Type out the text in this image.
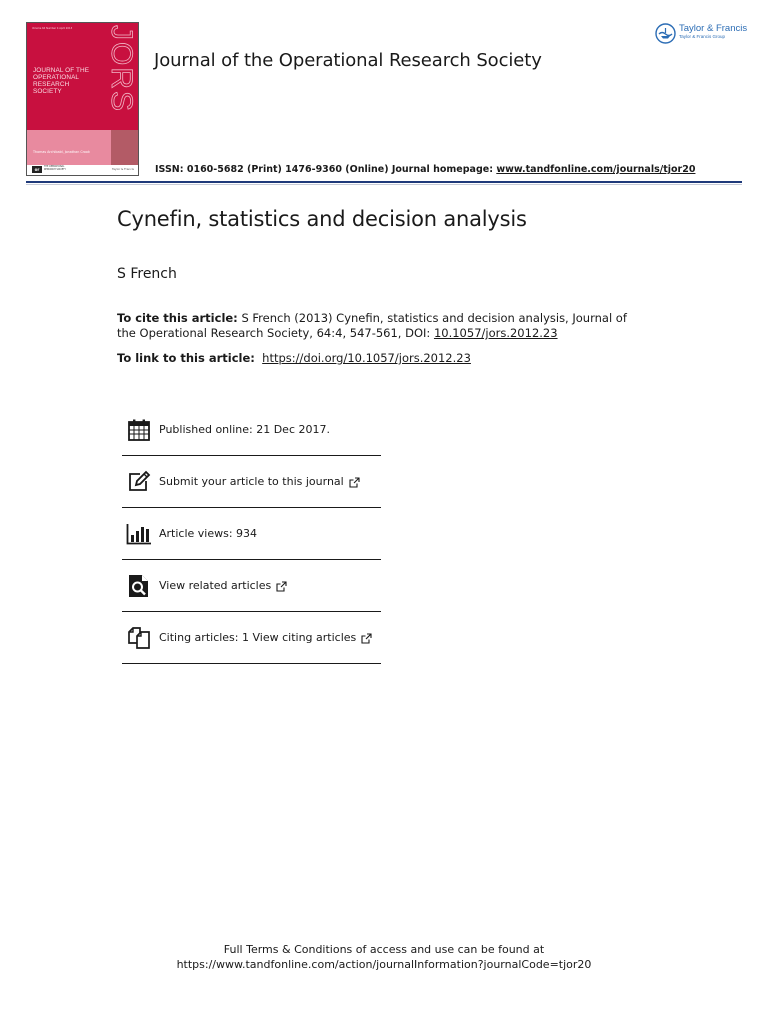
Volume 64 Number 4 April 2013	JORS
JOURNAL OF THE
OPERATIONAL
RESEARCH
SOCIETY
Thomas Archibald, Jonathan Crook
or
THE OPERATIONAL RESEARCH SOCIETY	Taylor & Francis
Journal of the Operational Research Society
Taylor & Francis
Taylor & Francis Group
ISSN: 0160-5682 (Print) 1476-9360 (Online) Journal homepage: www.tandfonline.com/journals/tjor20
Cynefin, statistics and decision analysis
S French
To cite this article: S French (2013) Cynefin, statistics and decision analysis, Journal of the Operational Research Society, 64:4, 547-561, DOI: 10.1057/jors.2012.23
To link to this article: https://doi.org/10.1057/jors.2012.23
Published online: 21 Dec 2017.
Submit your article to this journal
Article views: 934
View related articles
Citing articles: 1 View citing articles
Full Terms & Conditions of access and use can be found at
https://www.tandfonline.com/action/journalInformation?journalCode=tjor20
